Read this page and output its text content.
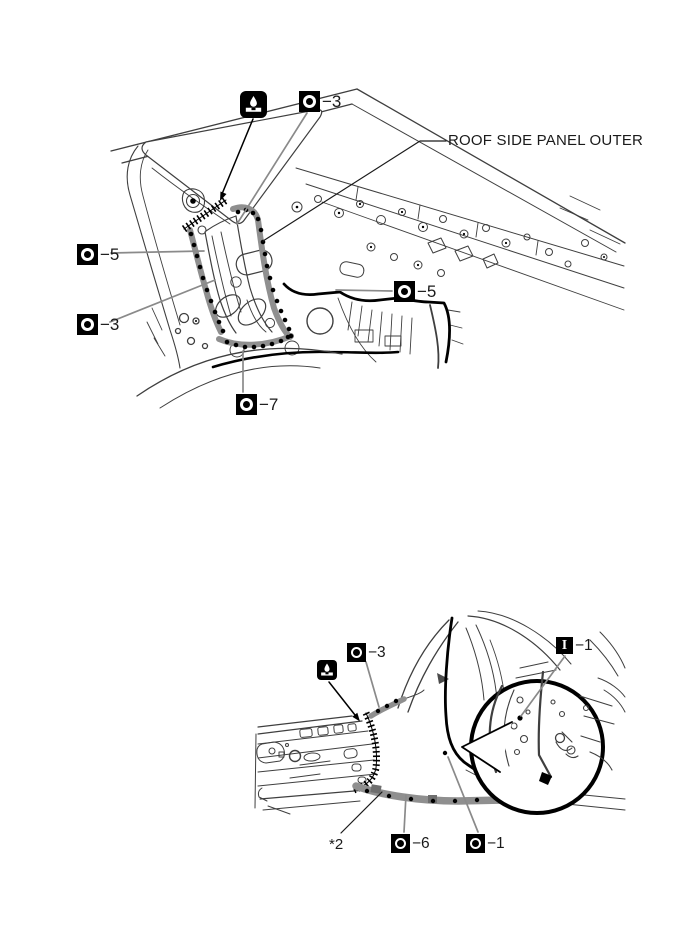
−3
ROOF SIDE PANEL OUTER
−5
−3
−5
−7
−3	I −1
*2	−6	−1
